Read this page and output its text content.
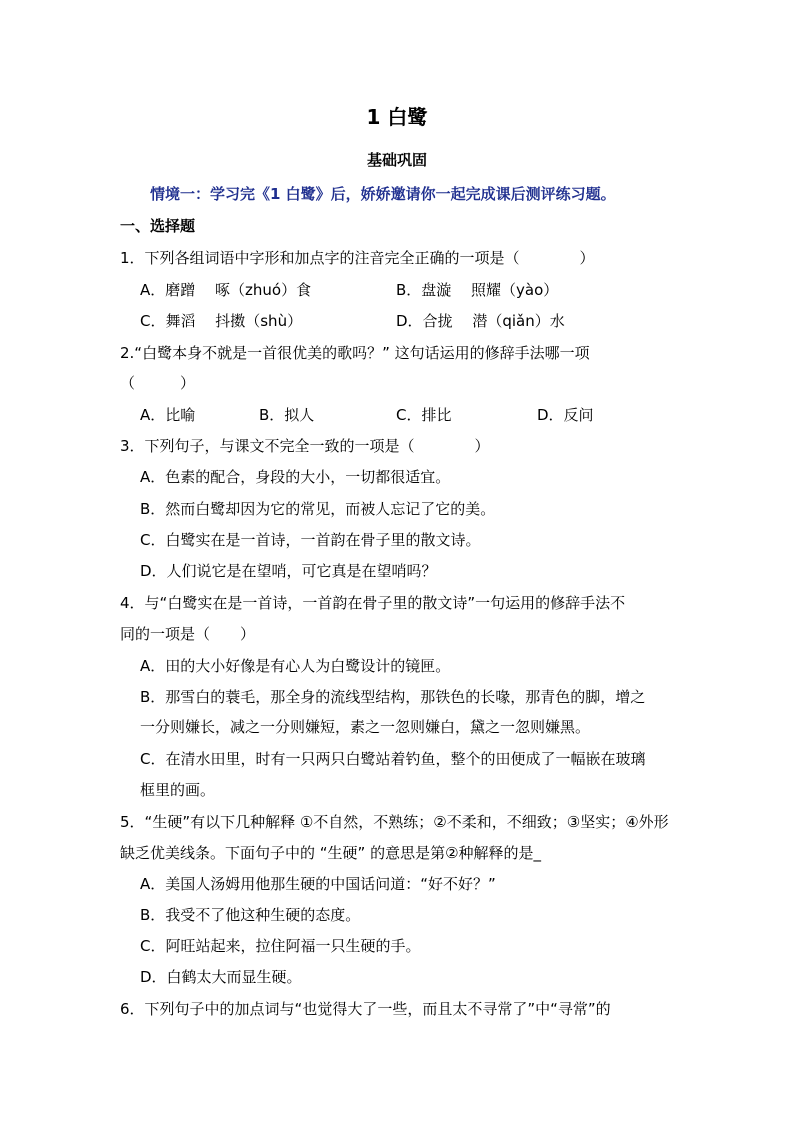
1 白鹭
基础巩固
情境一：学习完《1 白鹭》后，娇娇邀请你一起完成课后测评练习题。
一、选择题
1．下列各组词语中字形和加点字的注音完全正确的一项是（　　　　）
A．磨蹭　 啄（zhuó）食	B．盘漩　 照耀（yào）
C．舞滔　 抖擞（shù）	D．合拢　 潜（qiǎn）水
2.“白鹭本身不就是一首很优美的歌吗？” 这句话运用的修辞手法哪一项
（　　　）
A．比喻	B．拟人	C．排比	D．反问
3．下列句子，与课文不完全一致的一项是（　　　　）
A．色素的配合，身段的大小，一切都很适宜。
B．然而白鹭却因为它的常见，而被人忘记了它的美。
C．白鹭实在是一首诗，一首韵在骨子里的散文诗。
D．人们说它是在望哨，可它真是在望哨吗？
4．与“白鹭实在是一首诗，一首韵在骨子里的散文诗”一句运用的修辞手法不
同的一项是（　　）
A．田的大小好像是有心人为白鹭设计的镜匣。
B．那雪白的蓑毛，那全身的流线型结构，那铁色的长喙，那青色的脚，增之
一分则嫌长，减之一分则嫌短，素之一忽则嫌白，黛之一忽则嫌黑。
C．在清水田里，时有一只两只白鹭站着钓鱼，整个的田便成了一幅嵌在玻璃
框里的画。
5．“生硬”有以下几种解释 ①不自然，不熟练；②不柔和，不细致；③坚实；④外形
缺乏优美线条。下面句子中的 “生硬” 的意思是第②种解释的是_
A．美国人汤姆用他那生硬的中国话问道：“好不好？”
B．我受不了他这种生硬的态度。
C．阿旺站起来，拉住阿福一只生硬的手。
D．白鹤太大而显生硬。
6．下列句子中的加点词与“也觉得大了一些，而且太不寻常了”中“寻常”的
